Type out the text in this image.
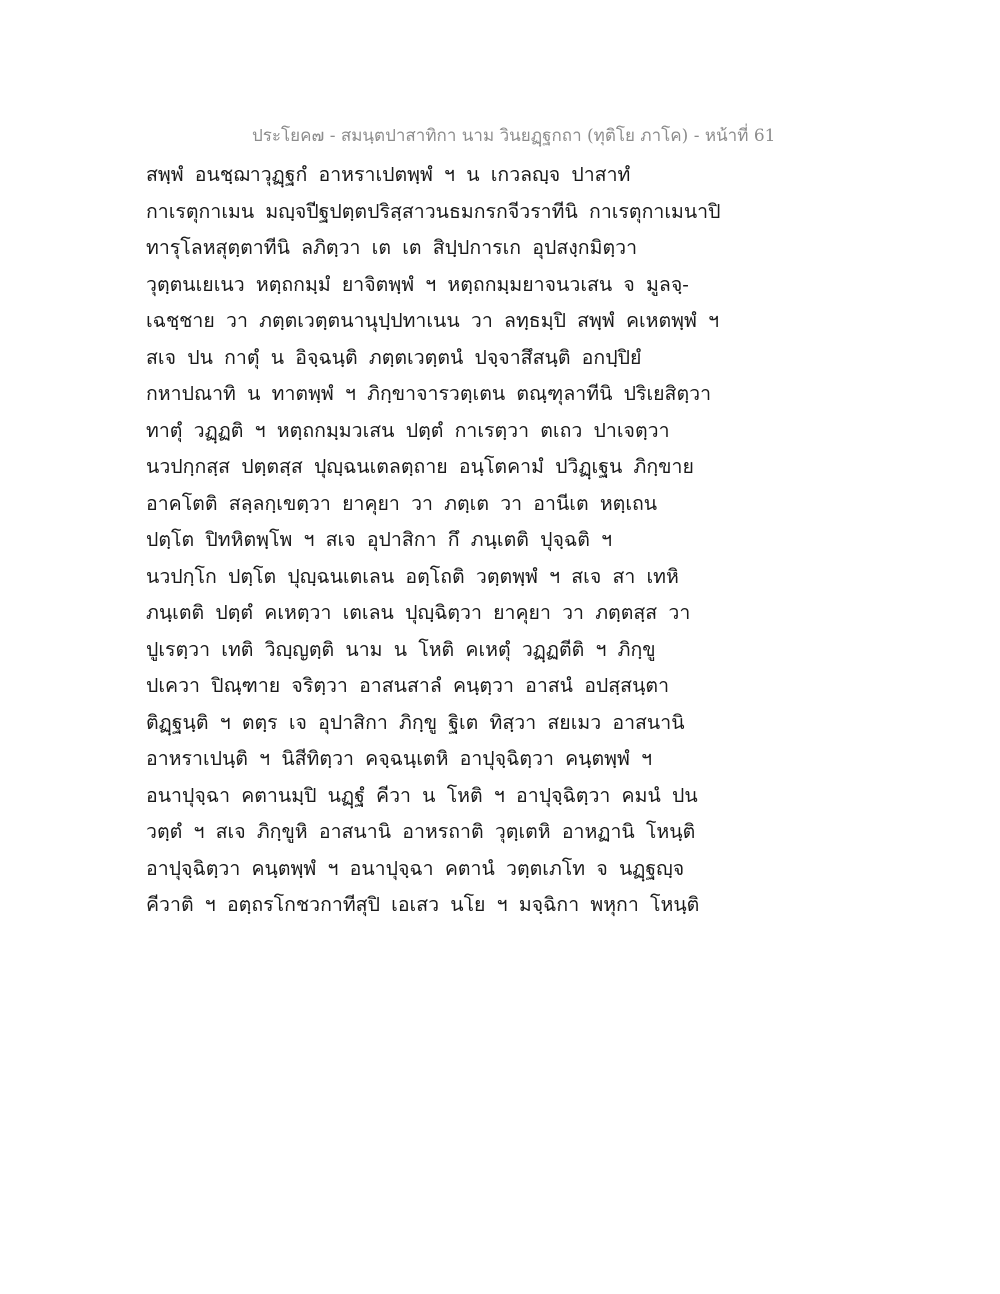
ประโยค๗ - สมนฺตปาสาทิกา นาม วินยฏฺฐกถา (ทุติโย ภาโค) - หน้าที่ 61
สพฺพํ อนชฺฌาวุฏฺฐกํ อาหราเปตพฺพํ ฯ น เกวลญฺจ ปาสาทํ
กาเรตุกาเมน มญฺจปีฐปตฺตปริสฺสาวนธมกรกจีวราทีนิ กาเรตุกาเมนาปิ
ทารุโลหสุตฺตาทีนิ ลภิตฺวา เต เต สิปฺปการเก อุปสงฺกมิตฺวา
วุตฺตนเยเนว หตฺถกมฺมํ ยาจิตพฺพํ ฯ หตฺถกมฺมยาจนวเสน จ มูลจฺ-
เฉชฺชาย วา ภตฺตเวตฺตนานุปฺปทาเนน วา ลทฺธมฺปิ สพฺพํ คเหตพฺพํ ฯ
สเจ ปน กาตุํ น อิจฺฉนฺติ ภตฺตเวตฺตนํ ปจฺจาสึสนฺติ อกปฺปิยํ
กหาปณาทิ น ทาตพฺพํ ฯ ภิกฺขาจารวตฺเตน ตณฺฑุลาทีนิ ปริเยสิตฺวา
ทาตุํ วฏฺฏติ ฯ หตฺถกมฺมวเสน ปตฺตํ กาเรตฺวา ตเถว ปาเจตฺวา
นวปกฺกสฺส ปตฺตสฺส ปุญฺฉนเตลตฺถาย อนฺโตคามํ ปวิฏฺเฐน ภิกฺขาย
อาคโตติ สลฺลกฺเขตฺวา ยาคุยา วา ภตฺเต วา อานีเต หตฺเถน
ปตฺโต ปิทหิตพฺโพ ฯ สเจ อุปาสิกา กึ ภนฺเตติ ปุจฺฉติ ฯ
นวปกฺโก ปตฺโต ปุญฺฉนเตเลน อตฺโถติ วตฺตพฺพํ ฯ สเจ สา เทหิ
ภนฺเตติ ปตฺตํ คเหตฺวา เตเลน ปุญฺฉิตฺวา ยาคุยา วา ภตฺตสฺส วา
ปูเรตฺวา เทติ วิญฺญตฺติ นาม น โหติ คเหตุํ วฏฺฏตีติ ฯ ภิกฺขู
ปเควา ปิณฺฑาย จริตฺวา อาสนสาลํ คนฺตฺวา อาสนํ อปสฺสนฺตา
ติฏฺฐนฺติ ฯ ตตฺร เจ อุปาสิกา ภิกฺขู ฐิเต ทิสฺวา สยเมว อาสนานิ
อาหราเปนฺติ ฯ นิสีทิตฺวา คจฺฉนฺเตหิ อาปุจฺฉิตฺวา คนฺตพฺพํ ฯ
อนาปุจฺฉา คตานมฺปิ นฏฺฐํ คีวา น โหติ ฯ อาปุจฺฉิตฺวา คมนํ ปน
วตฺตํ ฯ สเจ ภิกฺขูหิ อาสนานิ อาหรถาติ วุตฺเตหิ อาหฏานิ โหนฺติ
อาปุจฺฉิตฺวา คนฺตพฺพํ ฯ อนาปุจฺฉา คตานํ วตฺตเภโท จ นฏฺฐญฺจ
คีวาติ ฯ อตฺถรโกชวกาทีสุปิ เอเสว นโย ฯ มจฺฉิกา พหุกา โหนฺติ
